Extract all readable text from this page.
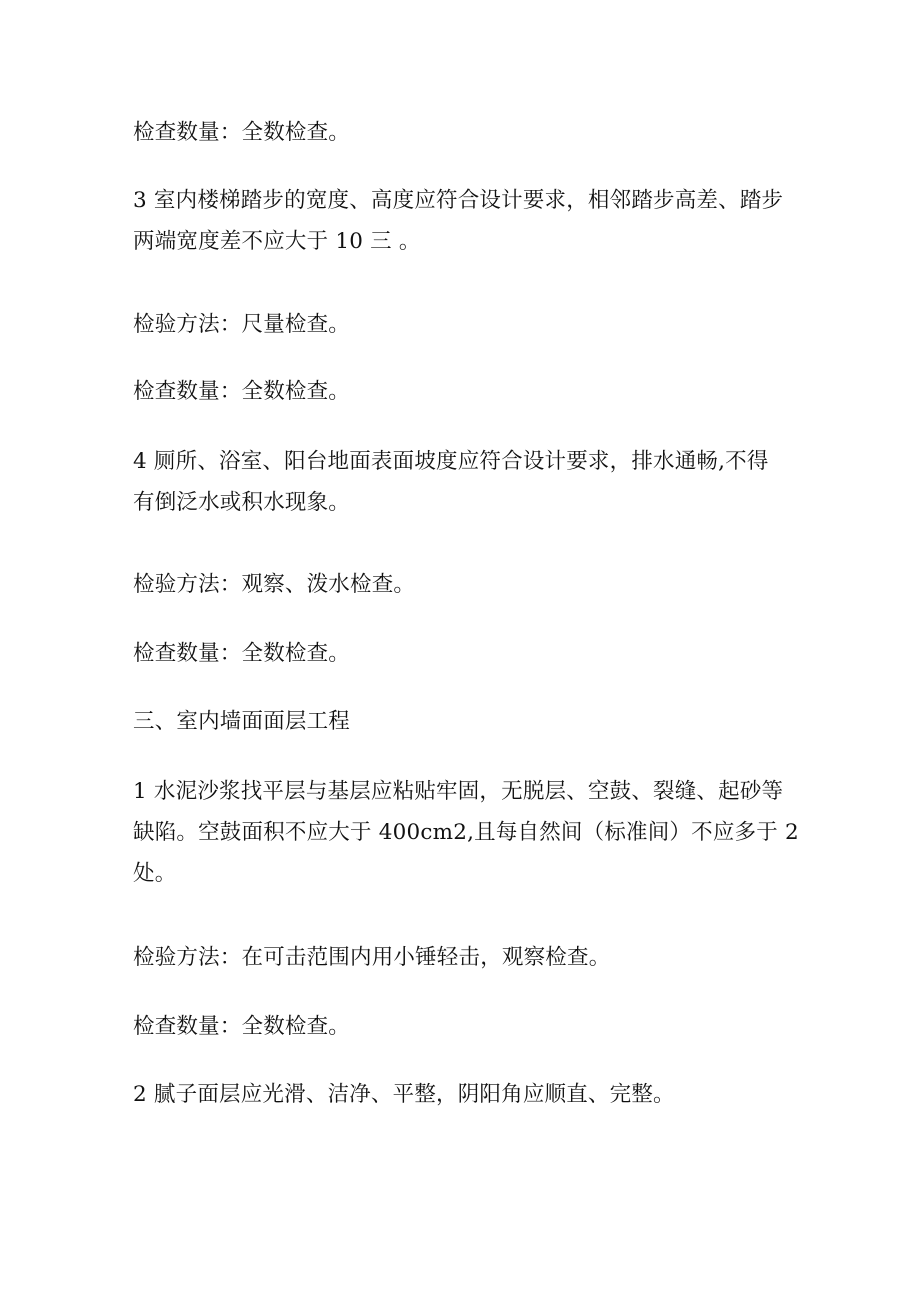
检查数量：全数检查。

3 室内楼梯踏步的宽度、高度应符合设计要求，相邻踏步高差、踏步
两端宽度差不应大于 10 三 。

检验方法：尺量检查。

检查数量：全数检查。

4 厕所、浴室、阳台地面表面坡度应符合设计要求，排水通畅,不得
有倒泛水或积水现象。

检验方法：观察、泼水检查。

检查数量：全数检查。

三、室内墙面面层工程

1 水泥沙浆找平层与基层应粘贴牢固，无脱层、空鼓、裂缝、起砂等
缺陷。空鼓面积不应大于 400cm2,且每自然间（标准间）不应多于 2
处。

检验方法：在可击范围内用小锤轻击，观察检查。

检查数量：全数检查。

2 腻子面层应光滑、洁净、平整，阴阳角应顺直、完整。
